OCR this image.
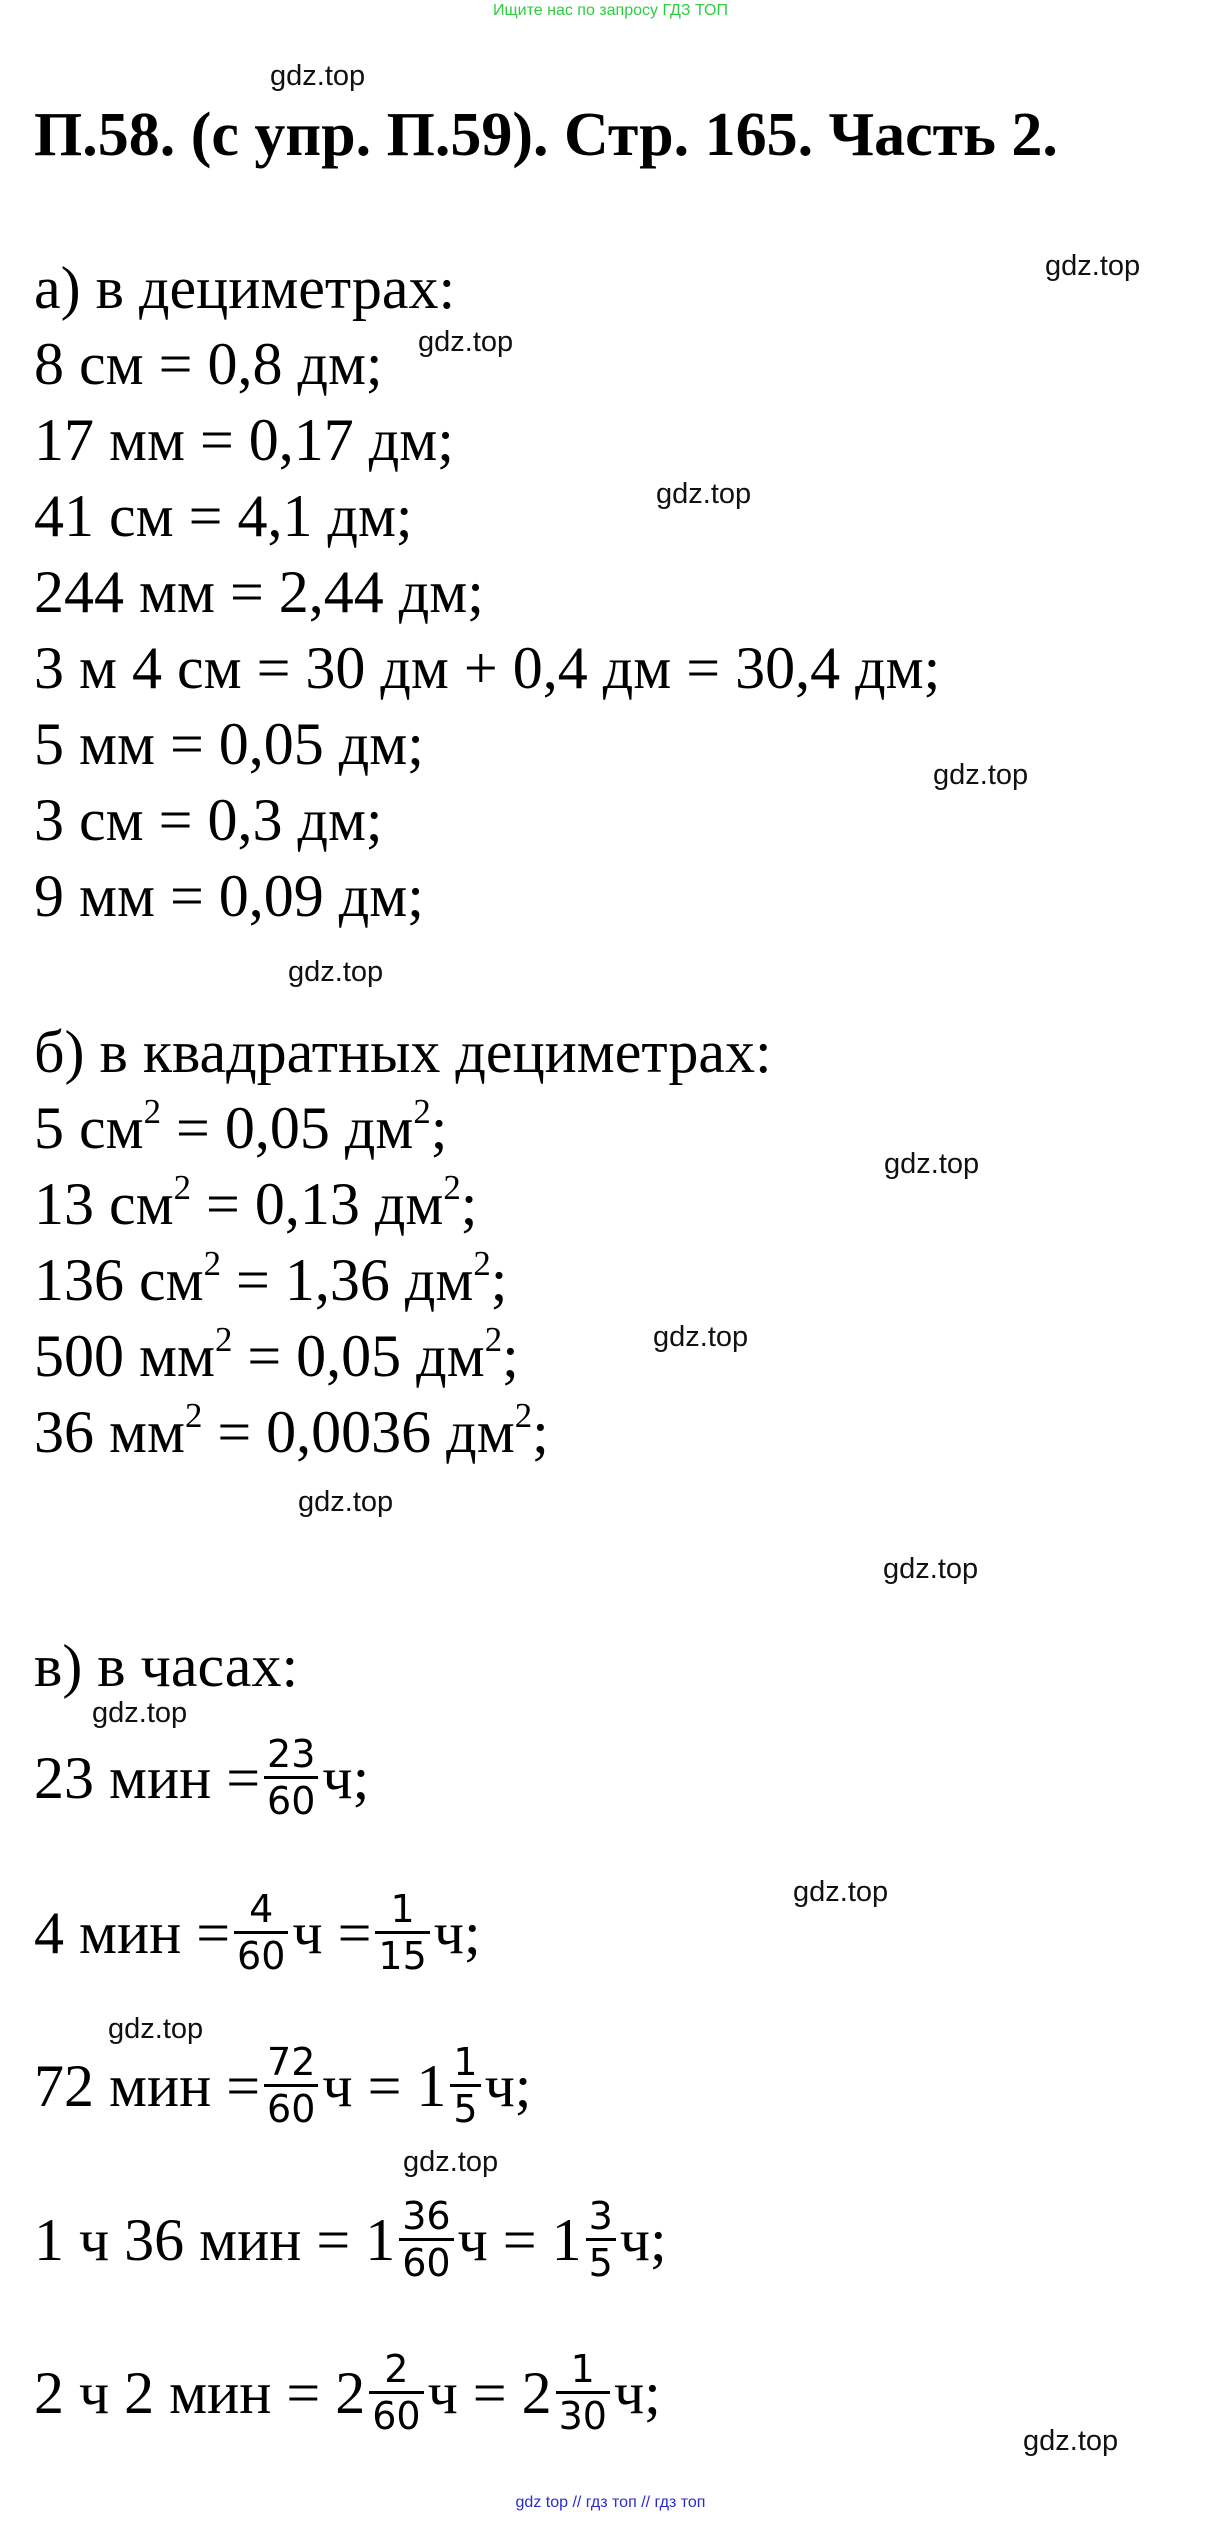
Ищите нас по запросу ГДЗ ТОП
П.58. (с упр. П.59). Стр. 165. Часть 2.
gdz.top
gdz.top
gdz.top
gdz.top
gdz.top
gdz.top
gdz.top
gdz.top
gdz.top
gdz.top
gdz.top
gdz.top
gdz.top
gdz.top
gdz.top
а) в дециметрах:
8 см = 0,8 дм;
17 мм = 0,17 дм;
41 см = 4,1 дм;
244 мм = 2,44 дм;
3 м 4 см = 30 дм + 0,4 дм = 30,4 дм;
5 мм = 0,05 дм;
3 см = 0,3 дм;
9 мм = 0,09 дм;
б) в квадратных дециметрах:
5 $см^2 = 0,05$ $дм^2$;
13 $см^2 = 0,13$ $дм^2$;
136 $см^2 = 1,36$ $дм^2$;
500 $мм^2 = 0,05$ $дм^2$;
36 $мм^2 = 0,0036$ $дм^2$;
в) в часах:
23 мин = $\frac{23}{60} ч$;
4 мин = $\frac{4}{60}$ $ч = \frac{1}{15} ч$;
72 мин = $\frac{72}{60}$ $ч = 1 \frac{1}{5} ч$;
1 ч 36 мин = $1 \frac{36}{60}$ $ч = 1 \frac{3}{5} ч$;
2 ч 2 мин = $2 \frac{2}{60}$ $ч = 2 \frac{1}{30} ч$;
gdz top // гдз топ // гдз топ
